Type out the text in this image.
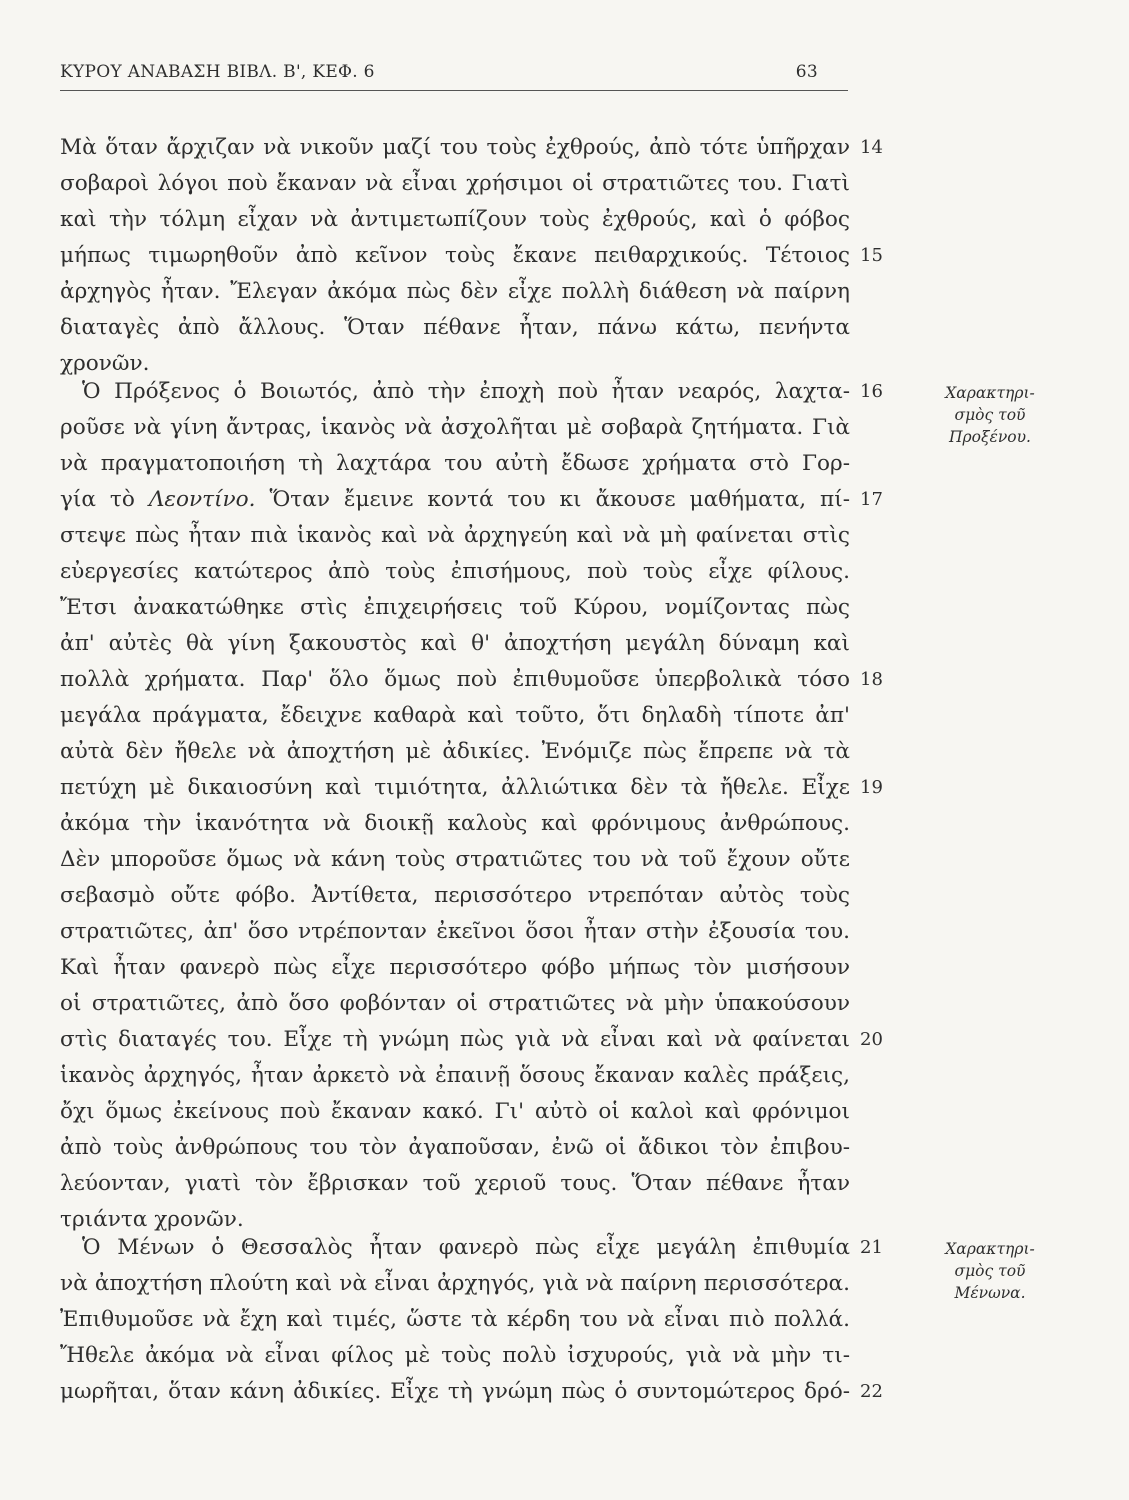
ΚΥΡΟΥ ΑΝΑΒΑΣΗ ΒΙΒΛ. Β', ΚΕΦ. 6	63
Μὰ ὅταν ἄρχιζαν νὰ νικοῦν μαζί του τοὺς ἐχθρούς, ἀπὸ τότε ὑπῆρχαν
σοβαροὶ λόγοι ποὺ ἔκαναν νὰ εἶναι χρήσιμοι οἱ στρατιῶτες του. Γιατὶ
καὶ τὴν τόλμη εἶχαν νὰ ἀντιμετωπίζουν τοὺς ἐχθρούς, καὶ ὁ φόβος
μήπως τιμωρηθοῦν ἀπὸ κεῖνον τοὺς ἔκανε πειθαρχικούς. Τέτοιος
ἀρχηγὸς ἦταν. Ἔλεγαν ἀκόμα πὼς δὲν εἶχε πολλὴ διάθεση νὰ παίρνη
διαταγὲς ἀπὸ ἄλλους. Ὅταν πέθανε ἦταν, πάνω κάτω, πενήντα
χρονῶν.
Ὁ Πρόξενος ὁ Βοιωτός, ἀπὸ τὴν ἐποχὴ ποὺ ἦταν νεαρός, λαχτα-
ροῦσε νὰ γίνη ἄντρας, ἱκανὸς νὰ ἀσχολῆται μὲ σοβαρὰ ζητήματα. Γιὰ
νὰ πραγματοποιήση τὴ λαχτάρα του αὐτὴ ἔδωσε χρήματα στὸ Γορ-
γία τὸ Λεοντίνο. Ὅταν ἔμεινε κοντά του κι ἄκουσε μαθήματα, πί-
στεψε πὼς ἦταν πιὰ ἱκανὸς καὶ νὰ ἀρχηγεύη καὶ νὰ μὴ φαίνεται στὶς
εὐεργεσίες κατώτερος ἀπὸ τοὺς ἐπισήμους, ποὺ τοὺς εἶχε φίλους.
Ἔτσι ἀνακατώθηκε στὶς ἐπιχειρήσεις τοῦ Κύρου, νομίζοντας πὼς
ἀπ' αὐτὲς θὰ γίνη ξακουστὸς καὶ θ' ἀποχτήση μεγάλη δύναμη καὶ
πολλὰ χρήματα. Παρ' ὅλο ὅμως ποὺ ἐπιθυμοῦσε ὑπερβολικὰ τόσο
μεγάλα πράγματα, ἔδειχνε καθαρὰ καὶ τοῦτο, ὅτι δηλαδὴ τίποτε ἀπ'
αὐτὰ δὲν ἤθελε νὰ ἀποχτήση μὲ ἀδικίες. Ἐνόμιζε πὼς ἔπρεπε νὰ τὰ
πετύχη μὲ δικαιοσύνη καὶ τιμιότητα, ἀλλιώτικα δὲν τὰ ἤθελε. Εἶχε
ἀκόμα τὴν ἱκανότητα νὰ διοικῇ καλοὺς καὶ φρόνιμους ἀνθρώπους.
Δὲν μποροῦσε ὅμως νὰ κάνη τοὺς στρατιῶτες του νὰ τοῦ ἔχουν οὔτε
σεβασμὸ οὔτε φόβο. Ἀντίθετα, περισσότερο ντρεπόταν αὐτὸς τοὺς
στρατιῶτες, ἀπ' ὅσο ντρέπονταν ἐκεῖνοι ὅσοι ἦταν στὴν ἐξουσία του.
Καὶ ἦταν φανερὸ πὼς εἶχε περισσότερο φόβο μήπως τὸν μισήσουν
οἱ στρατιῶτες, ἀπὸ ὅσο φοβόνταν οἱ στρατιῶτες νὰ μὴν ὑπακούσουν
στὶς διαταγές του. Εἶχε τὴ γνώμη πὼς γιὰ νὰ εἶναι καὶ νὰ φαίνεται
ἱκανὸς ἀρχηγός, ἦταν ἀρκετὸ νὰ ἐπαινῇ ὅσους ἔκαναν καλὲς πράξεις,
ὄχι ὅμως ἐκείνους ποὺ ἔκαναν κακό. Γι' αὐτὸ οἱ καλοὶ καὶ φρόνιμοι
ἀπὸ τοὺς ἀνθρώπους του τὸν ἀγαποῦσαν, ἐνῶ οἱ ἄδικοι τὸν ἐπιβου-
λεύονταν, γιατὶ τὸν ἔβρισκαν τοῦ χεριοῦ τους. Ὅταν πέθανε ἦταν
τριάντα χρονῶν.
Ὁ Μένων ὁ Θεσσαλὸς ἦταν φανερὸ πὼς εἶχε μεγάλη ἐπιθυμία
νὰ ἀποχτήση πλούτη καὶ νὰ εἶναι ἀρχηγός, γιὰ νὰ παίρνη περισσότερα.
Ἐπιθυμοῦσε νὰ ἔχη καὶ τιμές, ὥστε τὰ κέρδη του νὰ εἶναι πιὸ πολλά.
Ἤθελε ἀκόμα νὰ εἶναι φίλος μὲ τοὺς πολὺ ἰσχυρούς, γιὰ νὰ μὴν τι-
μωρῆται, ὅταν κάνη ἀδικίες. Εἶχε τὴ γνώμη πὼς ὁ συντομώτερος δρό-
14
15
16
17
18
19
20
21
22
Χαρακτηρι-
σμὸς τοῦ
Προξένου.
Χαρακτηρι-
σμὸς τοῦ
Μένωνα.
